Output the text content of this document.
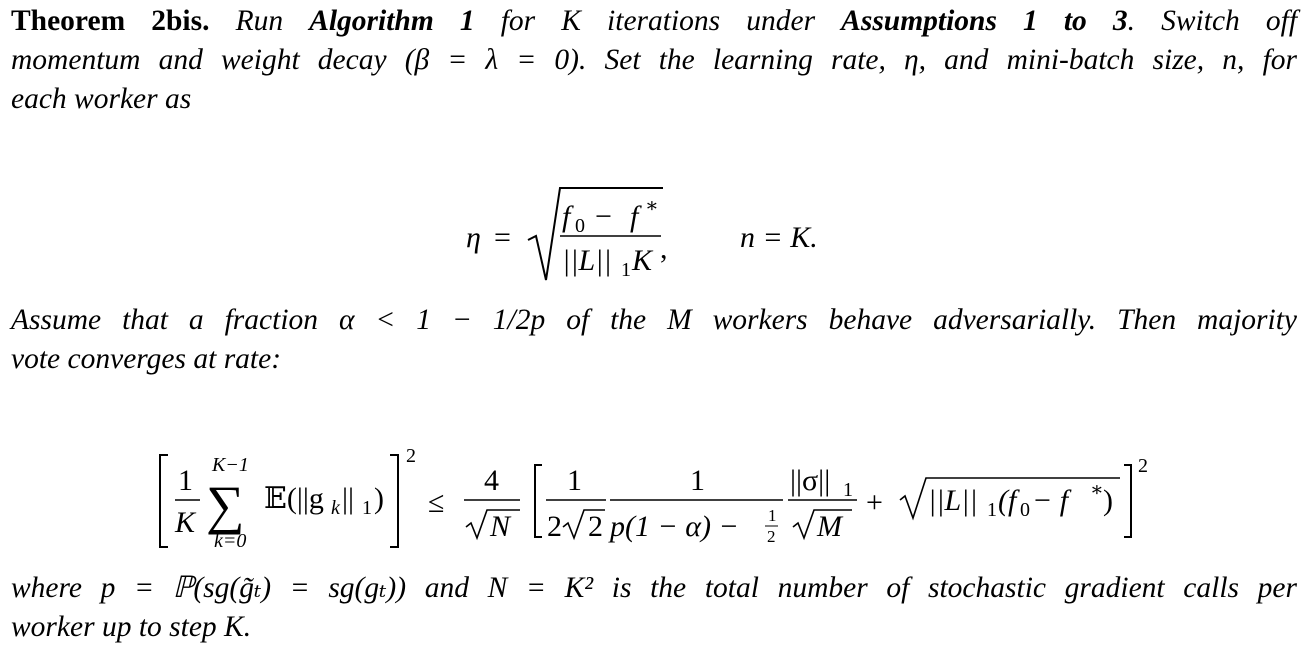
Theorem 2bis. Run Algorithm 1 for K iterations under Assumptions 1 to 3. Switch off
momentum and weight decay (β = λ = 0). Set the learning rate, η, and mini-batch size, n, for
each worker as
η =
f 0 − f ∗
||L|| 1 K , n = K.
Assume that a fraction α < 1 − 1/2p of the M workers behave adversarially. Then majority
vote converges at rate:
1
K
K−1
∑
k=0
𝔼(||g k || 1 )
2
≤
4
N
1
2 2
1
p(1 − α) − 1
2
||σ|| 1
M
+ ||L|| 1 (f 0 − f ∗ )
2
where p = ℙ(sg(g̃ₜ) = sg(gₜ)) and N = K² is the total number of stochastic gradient calls per
worker up to step K.
